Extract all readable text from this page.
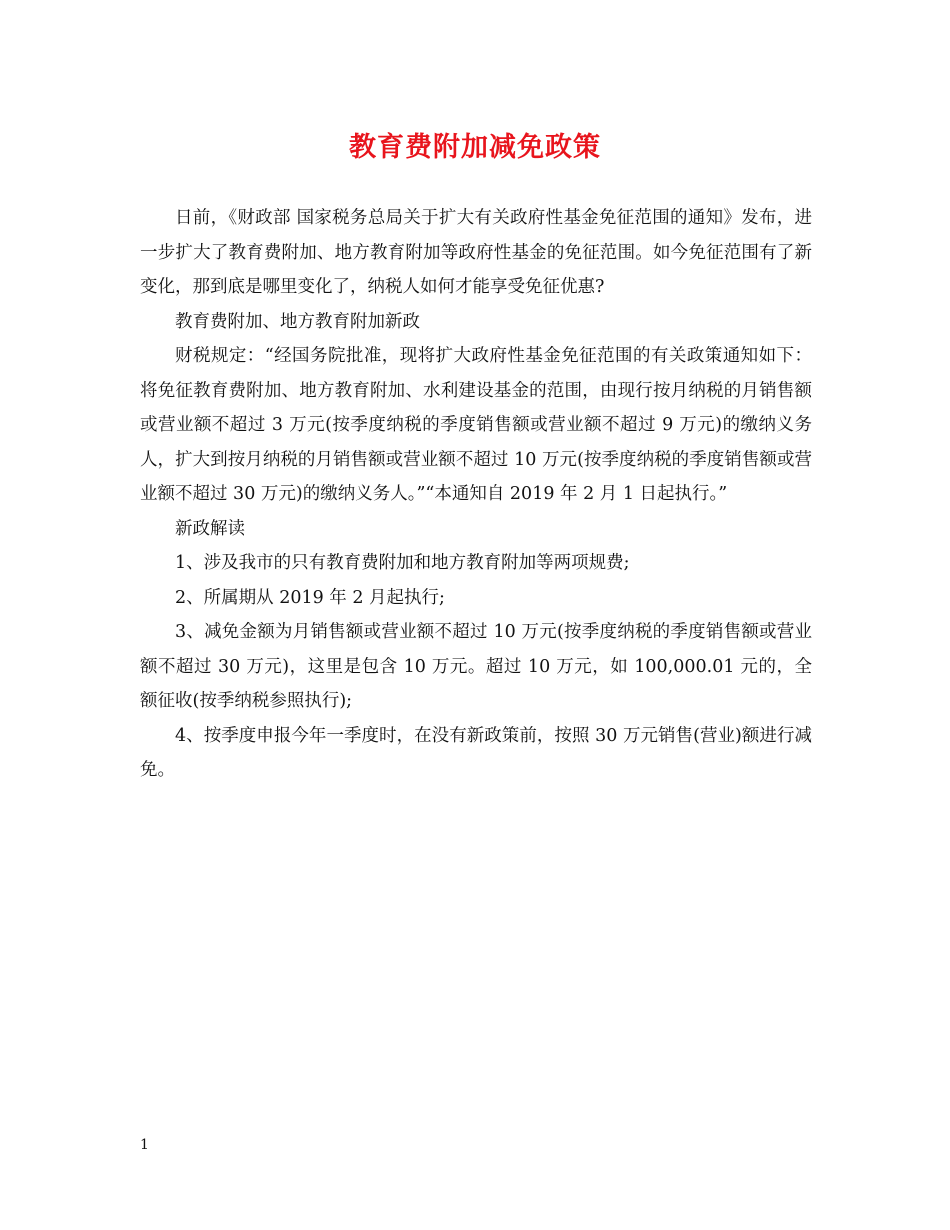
教育费附加减免政策

日前，《财政部 国家税务总局关于扩大有关政府性基金免征范围的通知》发布，进一步扩大了教育费附加、地方教育附加等政府性基金的免征范围。如今免征范围有了新变化，那到底是哪里变化了，纳税人如何才能享受免征优惠?

教育费附加、地方教育附加新政

财税规定：“经国务院批准，现将扩大政府性基金免征范围的有关政策通知如下：将免征教育费附加、地方教育附加、水利建设基金的范围，由现行按月纳税的月销售额或营业额不超过 3 万元(按季度纳税的季度销售额或营业额不超过 9 万元)的缴纳义务人，扩大到按月纳税的月销售额或营业额不超过 10 万元(按季度纳税的季度销售额或营业额不超过 30 万元)的缴纳义务人。”“本通知自 2019 年 2 月 1 日起执行。”

新政解读

1、涉及我市的只有教育费附加和地方教育附加等两项规费;

2、所属期从 2019 年 2 月起执行;

3、减免金额为月销售额或营业额不超过 10 万元(按季度纳税的季度销售额或营业额不超过 30 万元)，这里是包含 10 万元。超过 10 万元，如 100,000.01 元的，全额征收(按季纳税参照执行);

4、按季度申报今年一季度时，在没有新政策前，按照 30 万元销售(营业)额进行减免。

1
